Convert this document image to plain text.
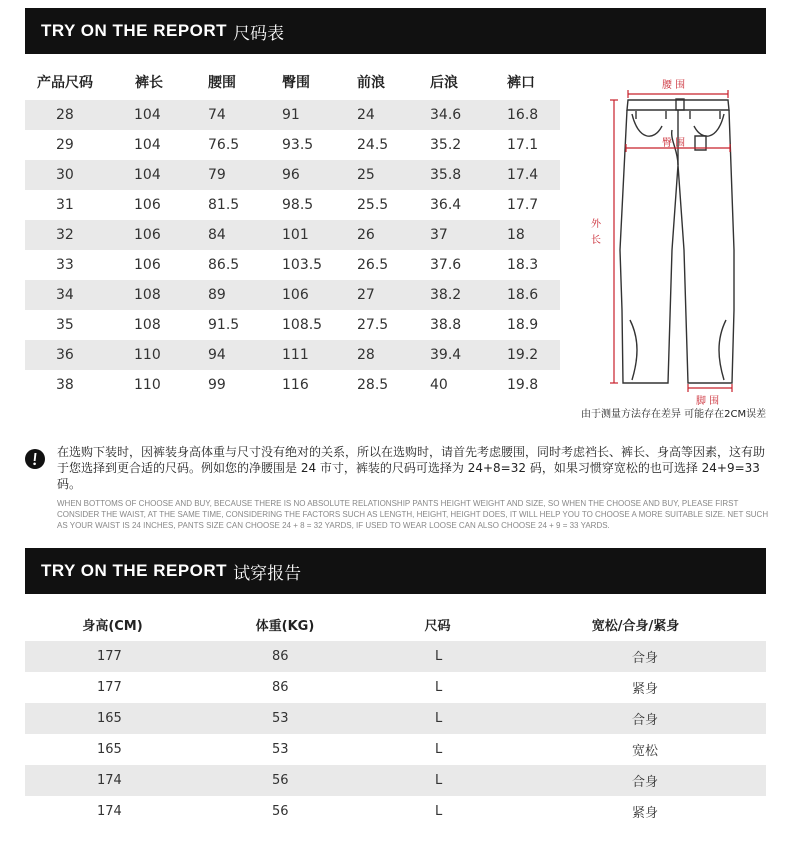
TRY ON THE REPORT 尺码表
产品尺码	裤长	腰围	臀围	前浪	后浪	裤口
28	104	74	91	24	34.6	16.8
29	104	76.5	93.5	24.5	35.2	17.1
30	104	79	96	25	35.8	17.4
31	106	81.5	98.5	25.5	36.4	17.7
32	106	84	101	26	37	18
33	106	86.5	103.5	26.5	37.6	18.3
34	108	89	106	27	38.2	18.6
35	108	91.5	108.5	27.5	38.8	18.9
36	110	94	111	28	39.4	19.2
38	110	99	116	28.5	40	19.8
腰 围
臀 围
外
长
脚 围
由于测量方法存在差异 可能存在2CM误差
在选购下装时，因裤装身高体重与尺寸没有绝对的关系，所以在选购时，请首先考虑腰围，同时考虑裆长、裤长、身高等因素，这有助于您选择到更合适的尺码。例如您的净腰围是 24 市寸，裤装的尺码可选择为 24+8=32 码，如果习惯穿宽松的也可选择 24+9=33 码。
WHEN BOTTOMS OF CHOOSE AND BUY, BECAUSE THERE IS NO ABSOLUTE RELATIONSHIP PANTS HEIGHT WEIGHT AND SIZE, SO WHEN THE CHOOSE AND BUY, PLEASE FIRST CONSIDER THE WAIST, AT THE SAME TIME, CONSIDERING THE FACTORS SUCH AS LENGTH, HEIGHT, HEIGHT DOES, IT WILL HELP YOU TO CHOOSE A MORE SUITABLE SIZE. NET SUCH AS YOUR WAIST IS 24 INCHES, PANTS SIZE CAN CHOOSE 24 + 8 = 32 YARDS, IF USED TO WEAR LOOSE CAN ALSO CHOOSE 24 + 9 = 33 YARDS.
TRY ON THE REPORT 试穿报告
身高(CM)	体重(KG)	尺码	宽松/合身/紧身
177	86	L	合身
177	86	L	紧身
165	53	L	合身
165	53	L	宽松
174	56	L	合身
174	56	L	紧身
